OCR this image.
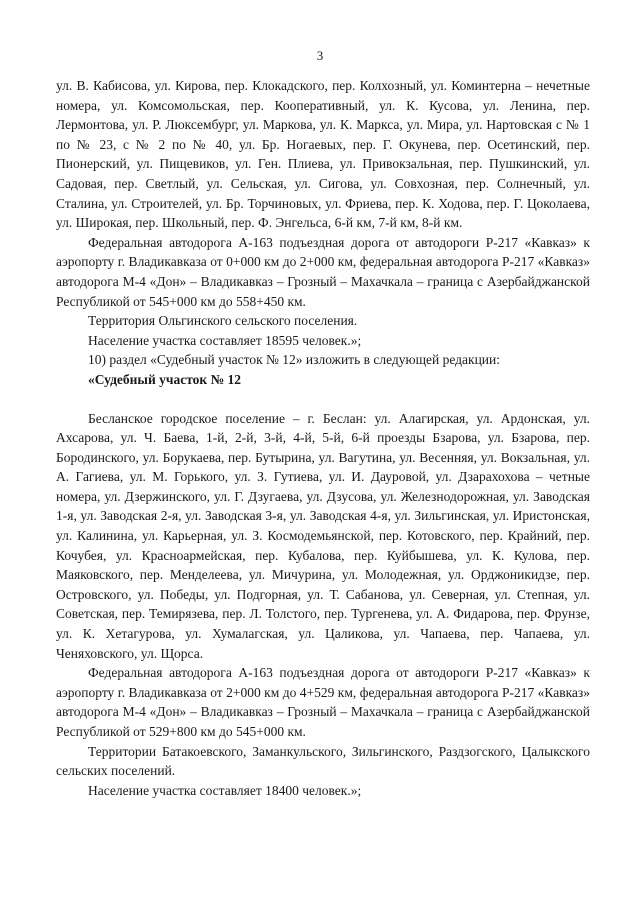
3

ул. В. Кабисова, ул. Кирова, пер. Клокадского, пер. Колхозный, ул. Коминтерна – нечетные номера, ул. Комсомольская, пер. Кооперативный, ул. К. Кусова, ул. Ленина, пер. Лермонтова, ул. Р. Люксембург, ул. Маркова, ул. К. Маркса, ул. Мира, ул. Нартовская с № 1 по № 23, с № 2 по № 40, ул. Бр. Ногаевых, пер. Г. Окунева, пер. Осетинский, пер. Пионерский, ул. Пищевиков, ул. Ген. Плиева, ул. Привокзальная, пер. Пушкинский, ул. Садовая, пер. Светлый, ул. Сельская, ул. Сигова, ул. Совхозная, пер. Солнечный, ул. Сталина, ул. Строителей, ул. Бр. Торчиновых, ул. Фриева, пер. К. Ходова, пер. Г. Цоколаева, ул. Широкая, пер. Школьный, пер. Ф. Энгельса, 6-й км, 7-й км, 8-й км.

Федеральная автодорога А-163 подъездная дорога от автодороги Р-217 «Кавказ» к аэропорту г. Владикавказа от 0+000 км до 2+000 км, федеральная автодорога Р-217 «Кавказ» автодорога М-4 «Дон» – Владикавказ – Грозный – Махачкала – граница с Азербайджанской Республикой от 545+000 км до 558+450 км.

Территория Ольгинского сельского поселения.

Население участка составляет 18595 человек.»;

10) раздел «Судебный участок № 12» изложить в следующей редакции:

«Судебный участок № 12

Бесланское городское поселение – г. Беслан: ул. Алагирская, ул. Ардонская, ул. Ахсарова, ул. Ч. Баева, 1-й, 2-й, 3-й, 4-й, 5-й, 6-й проезды Бзарова, ул. Бзарова, пер. Бородинского, ул. Борукаева, пер. Бутырина, ул. Вагутина, ул. Весенняя, ул. Вокзальная, ул. А. Гагиева, ул. М. Горького, ул. З. Гутиева, ул. И. Дауровой, ул. Дзарахохова – четные номера, ул. Дзержинского, ул. Г. Дзугаева, ул. Дзусова, ул. Железнодорожная, ул. Заводская 1-я, ул. Заводская 2-я, ул. Заводская 3-я, ул. Заводская 4-я, ул. Зильгинская, ул. Иристонская, ул. Калинина, ул. Карьерная, ул. З. Космодемьянской, пер. Котовского, пер. Крайний, пер. Кочубея, ул. Красноармейская, пер. Кубалова, пер. Куйбышева, ул. К. Кулова, пер. Маяковского, пер. Менделеева, ул. Мичурина, ул. Молодежная, ул. Орджоникидзе, пер. Островского, ул. Победы, ул. Подгорная, ул. Т. Сабанова, ул. Северная, ул. Степная, ул. Советская, пер. Темирязева, пер. Л. Толстого, пер. Тургенева, ул. А. Фидарова, пер. Фрунзе, ул. К. Хетагурова, ул. Хумалагская, ул. Цаликова, ул. Чапаева, пер. Чапаева, ул. Ченяховского, ул. Щорса.

Федеральная автодорога А-163 подъездная дорога от автодороги Р-217 «Кавказ» к аэропорту г. Владикавказа от 2+000 км до 4+529 км, федеральная автодорога Р-217 «Кавказ» автодорога М-4 «Дон» – Владикавказ – Грозный – Махачкала – граница с Азербайджанской Республикой от 529+800 км до 545+000 км.

Территории Батакоевского, Заманкульского, Зильгинского, Раздзогского, Цалыкского сельских поселений.

Население участка составляет 18400 человек.»;
